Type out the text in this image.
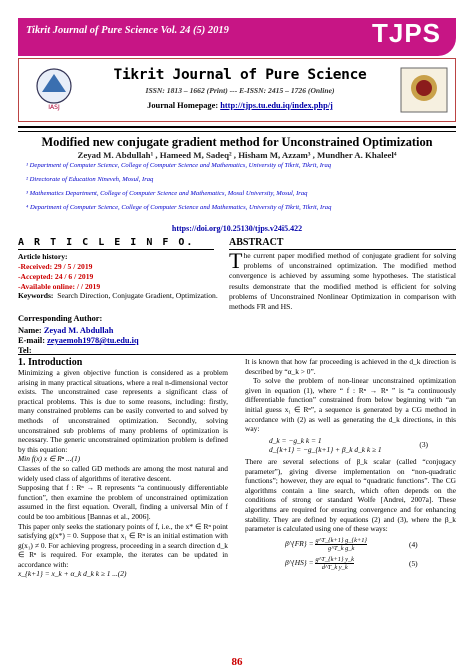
Tikrit Journal of Pure Science Vol. 24 (5) 2019	TJPS
IASJ
Tikrit Journal of Pure Science
ISSN: 1813 – 1662 (Print) --- E-ISSN: 2415 – 1726 (Online)
Journal Homepage: http://tjps.tu.edu.iq/index.php/j
Modified new conjugate gradient method for Unconstrained Optimization
Zeyad M. Abdullah¹ , Hameed M, Sadeq² , Hisham M, Azzam³ , Mundher A. Khaleel⁴
¹ Department of Computer Science, College of Computer Science and Mathematics, University of Tikrit, Tikrit, Iraq
² Directorate of Education Nineveh, Mosul, Iraq
³ Mathematics Department, College of Computer Science and Mathematics, Mosul University, Mosul, Iraq
⁴ Department of Computer Science, College of Computer Science and Mathematics, University of Tikrit, Tikrit, Iraq
https://doi.org/10.25130/tjps.v24i5.422
A R T I C L E I N F O.
Article history:
-Received: 29 / 5 / 2019
-Accepted: 24 / 6 / 2019
-Available online: / / 2019
Keywords: Search Direction, Conjugate Gradient, Optimization.
Corresponding Author:
Name: Zeyad M. Abdullah
E-mail: zeyaemoh1978@tu.edu.iq
Tel:
ABSTRACT
T he current paper modified method of conjugate gradient for solving problems of unconstrained optimization. The modified method convergence is achieved by assuming some hypotheses. The statistical results demonstrate that the modified method is efficient for solving problems of Unconstrained Nonlinear Optimization in comparison with methods FR and HS.
1. Introduction
Minimizing a given objective function is considered as a problem arising in many practical situations, where a real n-dimensional vector exists. The unconstrained case represents a significant class of practical problems. This is due to some reasons, including: firstly, many constrained problems can be easily converted to and solved by methods of unconstrained optimization. Secondly, solving unconstrained sub problems of many problems of optimization is necessary. The generic unconstrained optimization problem is defined by this equation:
Min f(x) x ∈ Rⁿ ...(1)
Classes of the so called GD methods are among the most natural and widely used class of algorithms of iterative descent.
Supposing that f : Rⁿ → R represents “a continuously differentiable function”, then examine the problem of unconstrained optimization assumed in the first equation. Overall, finding a universal Min of f could be too ambitious [Bannas et al., 2006].
This paper only seeks the stationary points of f, i.e., the x* ∈ Rⁿ point satisfying g(x*) = 0. Suppose that x₁ ∈ Rⁿ is an initial estimation with g(x₁) ≠ 0. For achieving progress, proceeding in a search direction d_k ∈ Rⁿ is required. For example, the iterates can be updated in accordance with:
x_{k+1} = x_k + α_k d_k k ≥ 1 ...(2)
It is known that how far proceeding is achieved in the d_k direction is described by “α_k > 0”.
To solve the problem of non-linear unconstrained optimization given in equation (1), where “ f : Rⁿ → Rⁿ ” is “a continuously differentiable function” constrained from below beginning with “an initial guess x₁ ∈ Rⁿ”, a sequence is generated by a CG method in accordance with (2) as well as generating the d_k directions, in this way:
d_k = −g_k k = 1
d_{k+1} = −g_{k+1} + β_k d_k k ≥ 1
(3)
There are several selections of β_k scalar (called “conjugacy parameter”), giving diverse implementation on “non-quadratic functions”; however, they are equal to “quadratic functions”. The CG algorithms contain a line search, which often depends on the conditions of strong or standard Wolfe [Andrei, 2007a]. These algorithms are required for ensuring convergence and for enhancing stability. They are defined by equations (2) and (3), where the β_k parameter is calculated using one of these ways:
β^{FR} = $\frac{g\^{}T\_\{k+1\} g\_\{k+1\}}{\text{g\textasciicircum{}T\_k g\_k}}$	(4)
β^{HS} = $\frac{g\^{}T\_\{k+1\} y\_k}{\text{d\textasciicircum{}T\_k y\_k}}$	(5)
86
